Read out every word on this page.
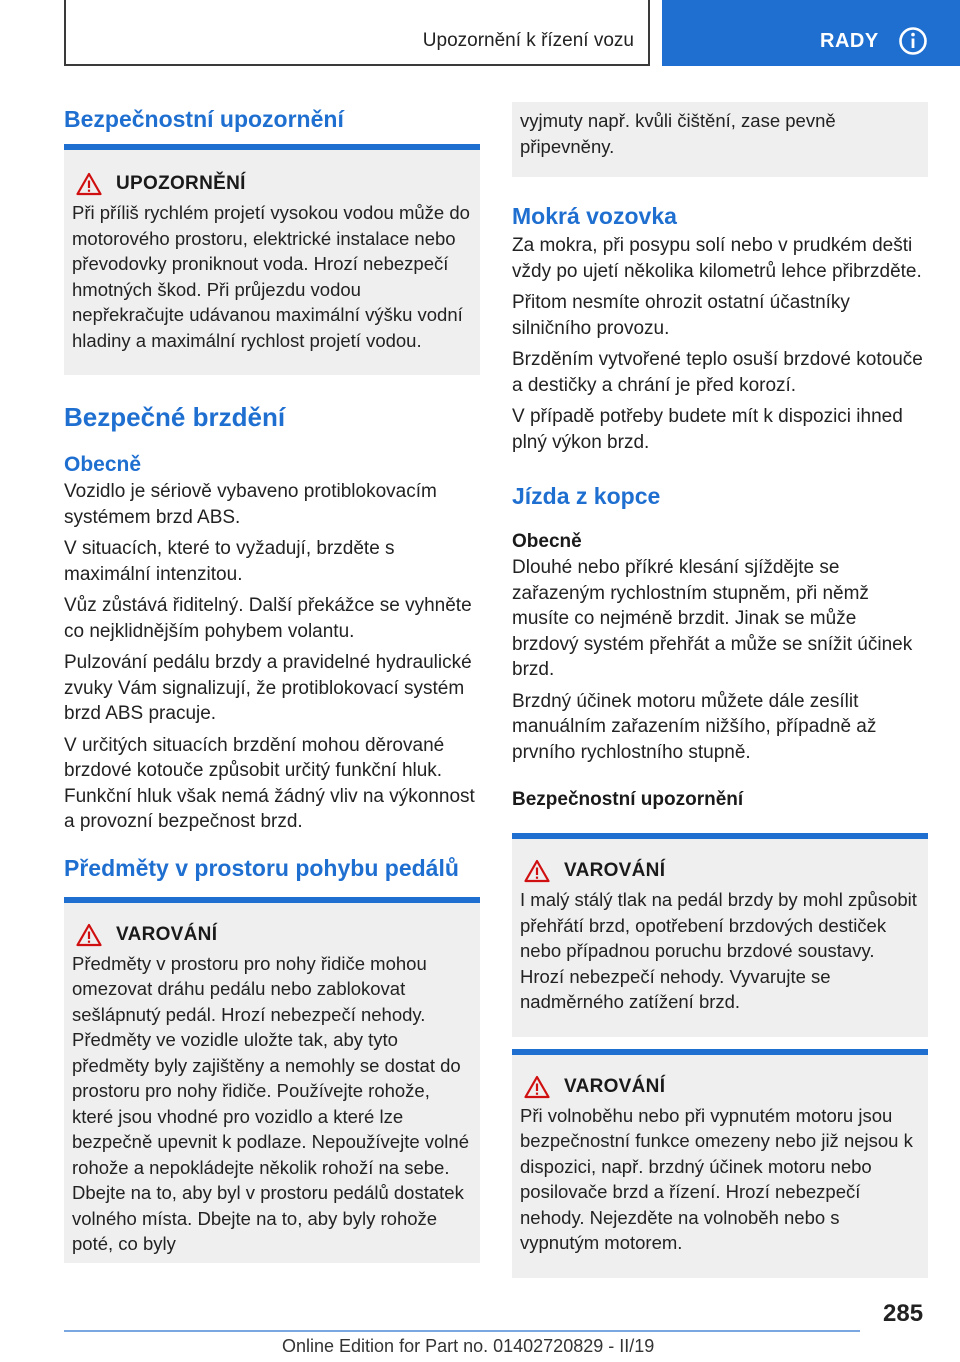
Upozornění k řízení vozu	RADY
Bezpečnostní upozornění
UPOZORNĚNÍ

Při příliš rychlém projetí vysokou vodou může do motorového prostoru, elektrické instalace nebo převodovky proniknout voda. Hrozí nebezpečí hmotných škod. Při průjezdu vodou nepřekračujte udávanou maximální výšku vodní hladiny a maximální rychlost projetí vodou.

Bezpečné brzdění
Obecně

Vozidlo je sériově vybaveno protiblokovacím systémem brzd ABS.

V situacích, které to vyžadují, brzděte s maximální intenzitou.

Vůz zůstává řiditelný. Další překážce se vyhněte co nejklidnějším pohybem volantu.

Pulzování pedálu brzdy a pravidelné hydraulické zvuky Vám signalizují, že protiblokovací systém brzd ABS pracuje.

V určitých situacích brzdění mohou děrované brzdové kotouče způsobit určitý funkční hluk. Funkční hluk však nemá žádný vliv na výkonnost a provozní bezpečnost brzd.

Předměty v prostoru pohybu pedálů
VAROVÁNÍ

Předměty v prostoru pro nohy řidiče mohou omezovat dráhu pedálu nebo zablokovat sešlápnutý pedál. Hrozí nebezpečí nehody. Předměty ve vozidle uložte tak, aby tyto předměty byly zajištěny a nemohly se dostat do prostoru pro nohy řidiče. Používejte rohože, které jsou vhodné pro vozidlo a které lze bezpečně upevnit k podlaze. Nepoužívejte volné rohože a nepokládejte několik rohoží na sebe. Dbejte na to, aby byl v prostoru pedálů dostatek volného místa. Dbejte na to, aby byly rohože poté, co byly

vyjmuty např. kvůli čištění, zase pevně připevněny.

Mokrá vozovka

Za mokra, při posypu solí nebo v prudkém dešti vždy po ujetí několika kilometrů lehce přibrzděte.

Přitom nesmíte ohrozit ostatní účastníky silničního provozu.

Brzděním vytvořené teplo osuší brzdové kotouče a destičky a chrání je před korozí.

V případě potřeby budete mít k dispozici ihned plný výkon brzd.

Jízda z kopce
Obecně

Dlouhé nebo příkré klesání sjíždějte se zařazeným rychlostním stupněm, při němž musíte co nejméně brzdit. Jinak se může brzdový systém přehřát a může se snížit účinek brzd.

Brzdný účinek motoru můžete dále zesílit manuálním zařazením nižšího, případně až prvního rychlostního stupně.

Bezpečnostní upozornění
VAROVÁNÍ

I malý stálý tlak na pedál brzdy by mohl způsobit přehřátí brzd, opotřebení brzdových destiček nebo případnou poruchu brzdové soustavy. Hrozí nebezpečí nehody. Vyvarujte se nadměrného zatížení brzd.

VAROVÁNÍ

Při volnoběhu nebo při vypnutém motoru jsou bezpečnostní funkce omezeny nebo již nejsou k dispozici, např. brzdný účinek motoru nebo posilovače brzd a řízení. Hrozí nebezpečí nehody. Nejezděte na volnoběh nebo s vypnutým motorem.

285
Online Edition for Part no. 01402720829 - II/19
